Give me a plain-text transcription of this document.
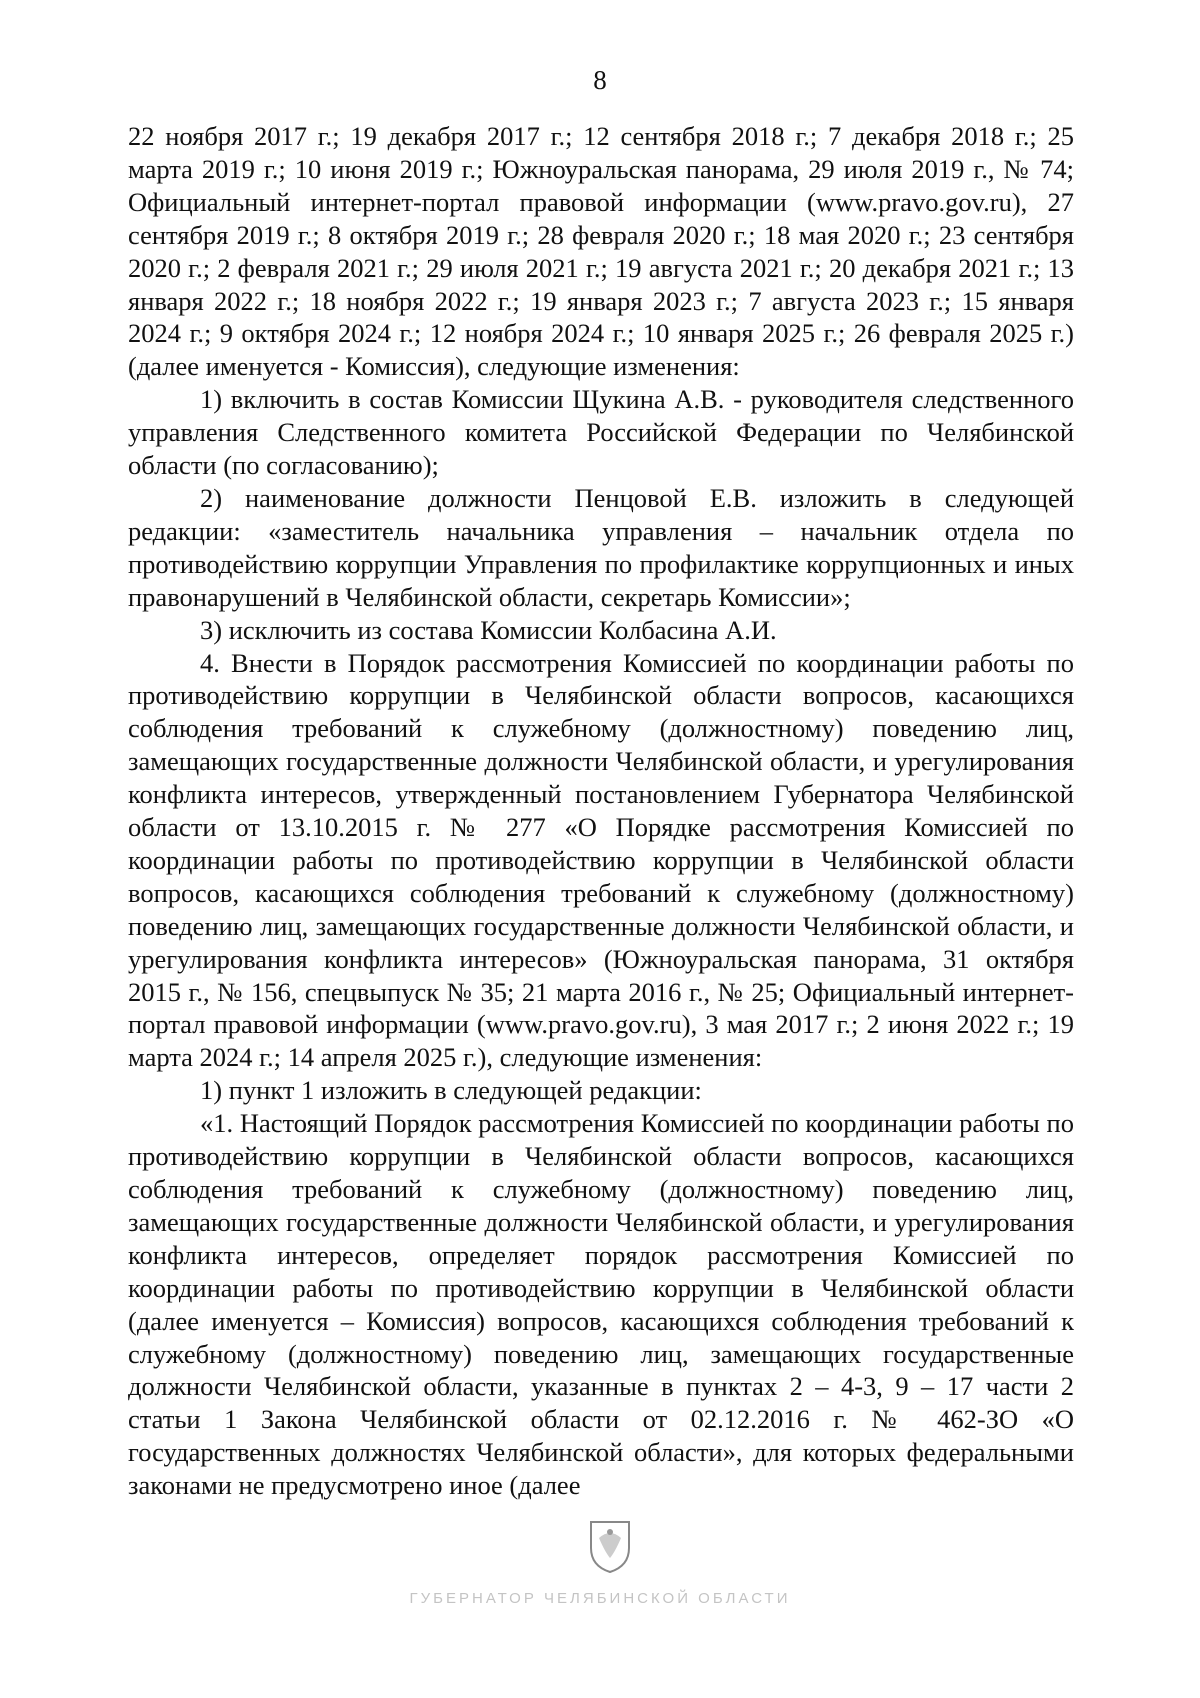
8

22 ноября 2017 г.; 19 декабря 2017 г.; 12 сентября 2018 г.; 7 декабря 2018 г.; 25 марта 2019 г.; 10 июня 2019 г.; Южноуральская панорама, 29 июля 2019 г., № 74; Официальный интернет-портал правовой информации (www.pravo.gov.ru), 27 сентября 2019 г.; 8 октября 2019 г.; 28 февраля 2020 г.; 18 мая 2020 г.; 23 сентября 2020 г.; 2 февраля 2021 г.; 29 июля 2021 г.; 19 августа 2021 г.; 20 декабря 2021 г.; 13 января 2022 г.; 18 ноября 2022 г.; 19 января 2023 г.; 7 августа 2023 г.; 15 января 2024 г.; 9 октября 2024 г.; 12 ноября 2024 г.; 10 января 2025 г.; 26 февраля 2025 г.) (далее именуется - Комиссия), следующие изменения:

1) включить в состав Комиссии Щукина А.В. - руководителя следственного управления Следственного комитета Российской Федерации по Челябинской области (по согласованию);

2) наименование должности Пенцовой Е.В. изложить в следующей редакции: «заместитель начальника управления – начальник отдела по противодействию коррупции Управления по профилактике коррупционных и иных правонарушений в Челябинской области, секретарь Комиссии»;

3) исключить из состава Комиссии Колбасина А.И.

4. Внести в Порядок рассмотрения Комиссией по координации работы по противодействию коррупции в Челябинской области вопросов, касающихся соблюдения требований к служебному (должностному) поведению лиц, замещающих государственные должности Челябинской области, и урегулирования конфликта интересов, утвержденный постановлением Губернатора Челябинской области от 13.10.2015 г. № 277 «О Порядке рассмотрения Комиссией по координации работы по противодействию коррупции в Челябинской области вопросов, касающихся соблюдения требований к служебному (должностному) поведению лиц, замещающих государственные должности Челябинской области, и урегулирования конфликта интересов» (Южноуральская панорама, 31 октября 2015 г., № 156, спецвыпуск № 35; 21 марта 2016 г., № 25; Официальный интернет-портал правовой информации (www.pravo.gov.ru), 3 мая 2017 г.; 2 июня 2022 г.; 19 марта 2024 г.; 14 апреля 2025 г.), следующие изменения:

1) пункт 1 изложить в следующей редакции:

«1. Настоящий Порядок рассмотрения Комиссией по координации работы по противодействию коррупции в Челябинской области вопросов, касающихся соблюдения требований к служебному (должностному) поведению лиц, замещающих государственные должности Челябинской области, и урегулирования конфликта интересов, определяет порядок рассмотрения Комиссией по координации работы по противодействию коррупции в Челябинской области (далее именуется – Комиссия) вопросов, касающихся соблюдения требований к служебному (должностному) поведению лиц, замещающих государственные должности Челябинской области, указанные в пунктах 2 – 4-3, 9 – 17 части 2 статьи 1 Закона Челябинской области от 02.12.2016 г. № 462-ЗО «О государственных должностях Челябинской области», для которых федеральными законами не предусмотрено иное (далее

ГУБЕРНАТОР ЧЕЛЯБИНСКОЙ ОБЛАСТИ
